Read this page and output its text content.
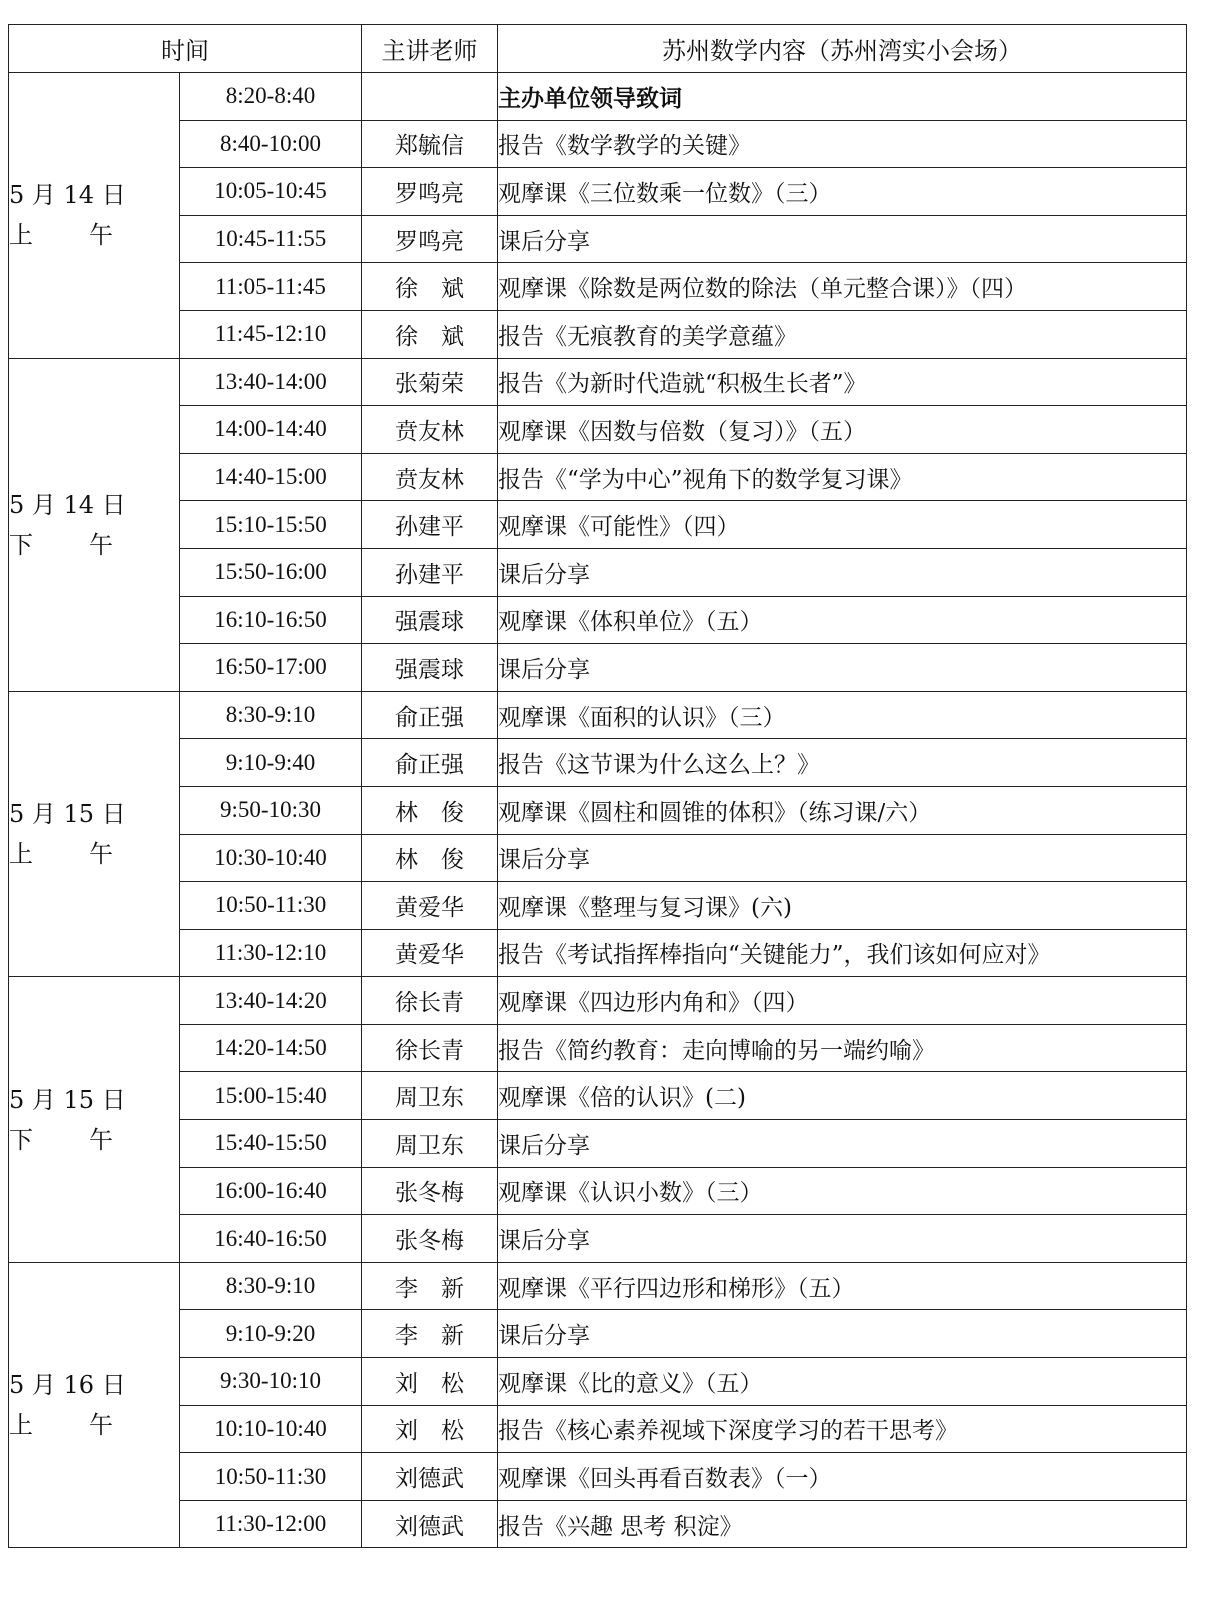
时间		主讲老师	苏州数学内容（苏州湾实小会场）

5 月 14 日
上 午	8:20-8:40		主办单位领导致词
	8:40-10:00	郑毓信	报告《数学教学的关键》
	10:05-10:45	罗鸣亮	观摩课《三位数乘一位数》（三）
	10:45-11:55	罗鸣亮	课后分享
	11:05-11:45	徐　斌	观摩课《除数是两位数的除法（单元整合课）》（四）
	11:45-12:10	徐　斌	报告《无痕教育的美学意蕴》

5 月 14 日
下 午	13:40-14:00	张菊荣	报告《为新时代造就“积极生长者”》
	14:00-14:40	贲友林	观摩课《因数与倍数（复习）》（五）
	14:40-15:00	贲友林	报告《“学为中心”视角下的数学复习课》
	15:10-15:50	孙建平	观摩课《可能性》（四）
	15:50-16:00	孙建平	课后分享
	16:10-16:50	强震球	观摩课《体积单位》（五）
	16:50-17:00	强震球	课后分享

5 月 15 日
上 午	8:30-9:10	俞正强	观摩课《面积的认识》（三）
	9:10-9:40	俞正强	报告《这节课为什么这么上？》
	9:50-10:30	林　俊	观摩课《圆柱和圆锥的体积》（练习课/六）
	10:30-10:40	林　俊	课后分享
	10:50-11:30	黄爱华	观摩课《整理与复习课》(六)
	11:30-12:10	黄爱华	报告《考试指挥棒指向“关键能力”，我们该如何应对》

5 月 15 日
下 午	13:40-14:20	徐长青	观摩课《四边形内角和》（四）
	14:20-14:50	徐长青	报告《简约教育：走向博喻的另一端约喻》
	15:00-15:40	周卫东	观摩课《倍的认识》(二)
	15:40-15:50	周卫东	课后分享
	16:00-16:40	张冬梅	观摩课《认识小数》（三）
	16:40-16:50	张冬梅	课后分享

5 月 16 日
上 午	8:30-9:10	李　新	观摩课《平行四边形和梯形》（五）
	9:10-9:20	李　新	课后分享
	9:30-10:10	刘　松	观摩课《比的意义》（五）
	10:10-10:40	刘　松	报告《核心素养视域下深度学习的若干思考》
	10:50-11:30	刘德武	观摩课《回头再看百数表》（一）
	11:30-12:00	刘德武	报告《兴趣 思考 积淀》
